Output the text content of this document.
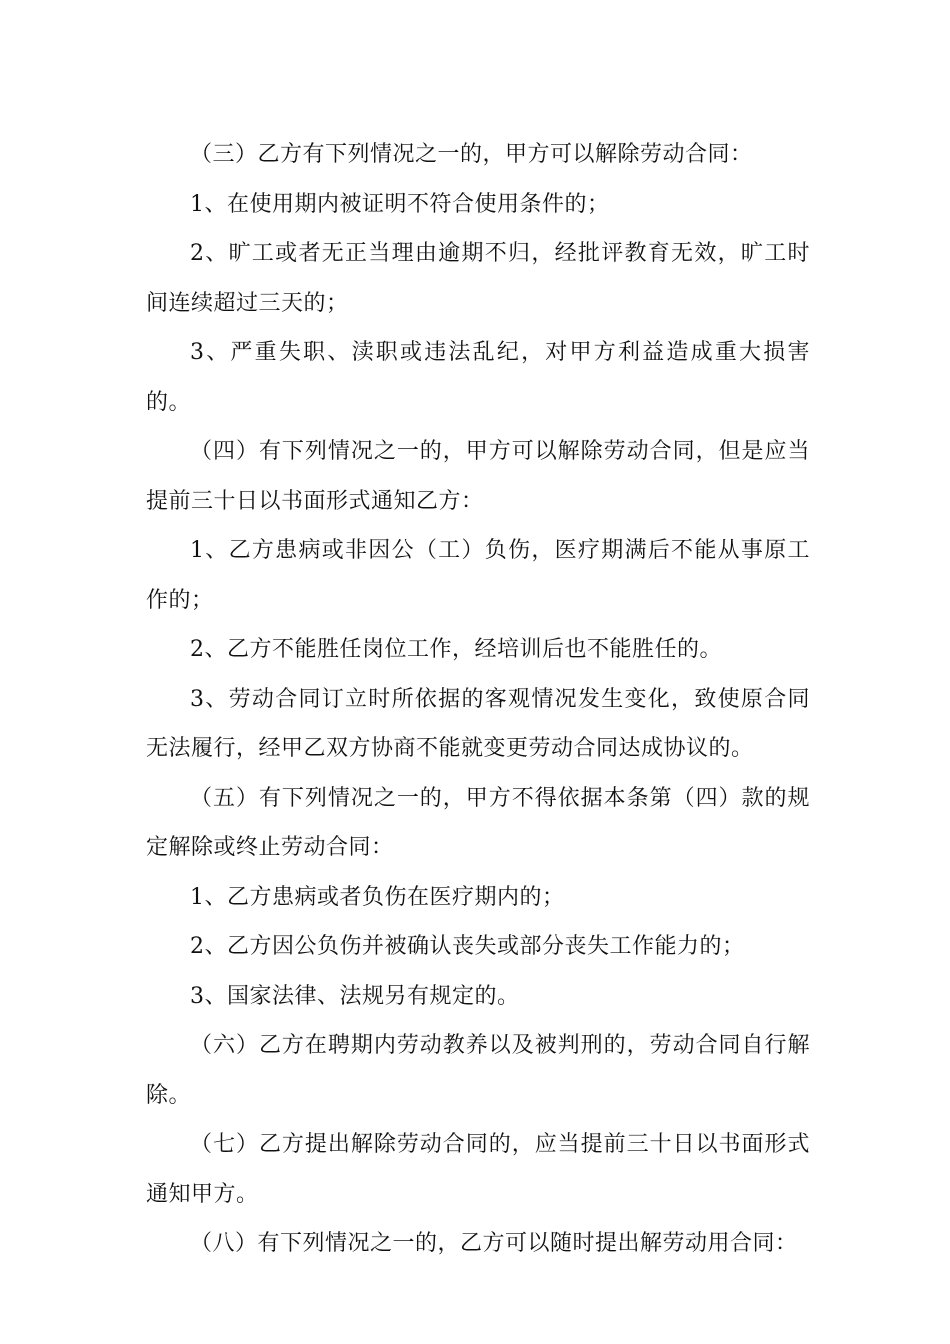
（三）乙方有下列情况之一的，甲方可以解除劳动合同：

1、在使用期内被证明不符合使用条件的；

2、旷工或者无正当理由逾期不归，经批评教育无效，旷工时间连续超过三天的；

3、严重失职、渎职或违法乱纪，对甲方利益造成重大损害的。

（四）有下列情况之一的，甲方可以解除劳动合同，但是应当提前三十日以书面形式通知乙方：

1、乙方患病或非因公（工）负伤，医疗期满后不能从事原工作的；

2、乙方不能胜任岗位工作，经培训后也不能胜任的。

3、劳动合同订立时所依据的客观情况发生变化，致使原合同无法履行，经甲乙双方协商不能就变更劳动合同达成协议的。

（五）有下列情况之一的，甲方不得依据本条第（四）款的规定解除或终止劳动合同：

1、乙方患病或者负伤在医疗期内的；

2、乙方因公负伤并被确认丧失或部分丧失工作能力的；

3、国家法律、法规另有规定的。

（六）乙方在聘期内劳动教养以及被判刑的，劳动合同自行解除。

（七）乙方提出解除劳动合同的，应当提前三十日以书面形式通知甲方。

（八）有下列情况之一的，乙方可以随时提出解劳动用合同：
